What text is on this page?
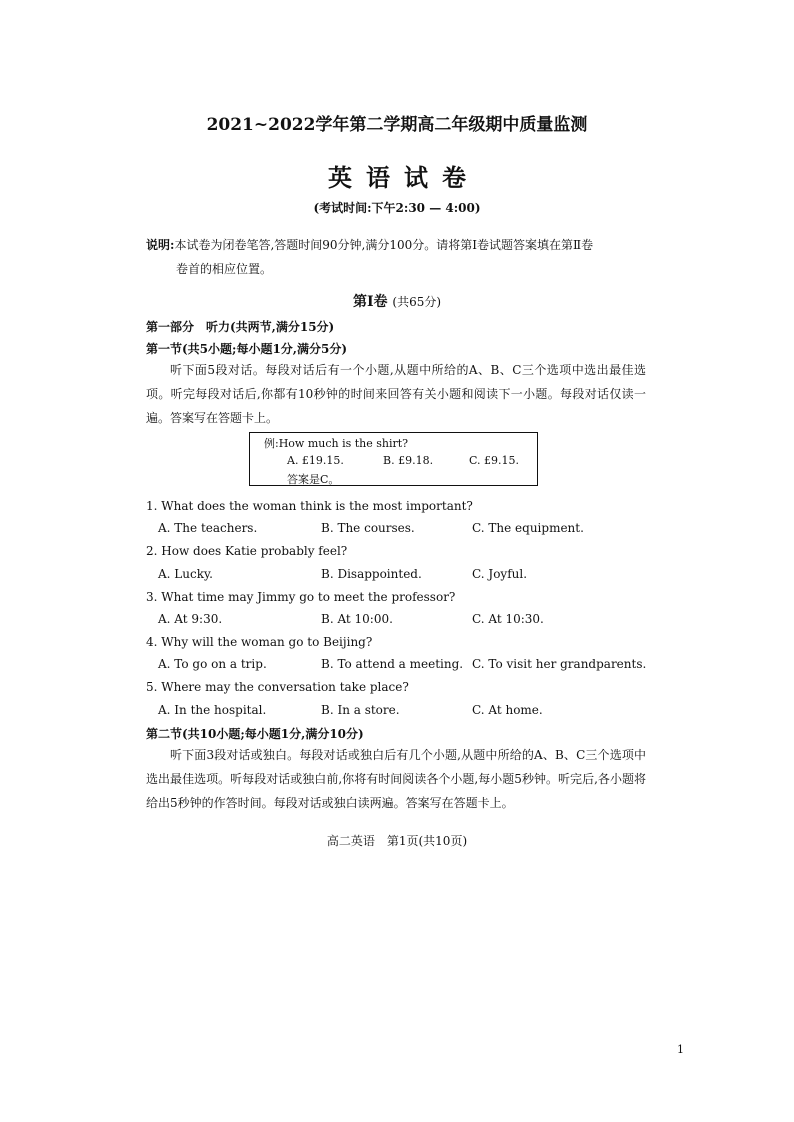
2021~2022学年第二学期高二年级期中质量监测
英语试卷
(考试时间:下午2:30 — 4:00)
说明:本试卷为闭卷笔答,答题时间90分钟,满分100分。请将第Ⅰ卷试题答案填在第Ⅱ卷
卷首的相应位置。
第Ⅰ卷 (共65分)
第一部分　听力(共两节,满分15分)
第一节(共5小题;每小题1分,满分5分)
听下面5段对话。每段对话后有一个小题,从题中所给的A、B、C三个选项中选出最佳选项。听完每段对话后,你都有10秒钟的时间来回答有关小题和阅读下一小题。每段对话仅读一遍。答案写在答题卡上。
例:How much is the shirt?
A. £19.15.	B. £9.18.	C. £9.15.
答案是C。
1. What does the woman think is the most important?
A. The teachers.	B. The courses.	C. The equipment.
2. How does Katie probably feel?
A. Lucky.	B. Disappointed.	C. Joyful.
3. What time may Jimmy go to meet the professor?
A. At 9:30.	B. At 10:00.	C. At 10:30.
4. Why will the woman go to Beijing?
A. To go on a trip.	B. To attend a meeting. C. To visit her grandparents.
5. Where may the conversation take place?
A. In the hospital.	B. In a store.	C. At home.
第二节(共10小题;每小题1分,满分10分)
听下面3段对话或独白。每段对话或独白后有几个小题,从题中所给的A、B、C三个选项中选出最佳选项。听每段对话或独白前,你将有时间阅读各个小题,每小题5秒钟。听完后,各小题将给出5秒钟的作答时间。每段对话或独白读两遍。答案写在答题卡上。
高二英语　第1页(共10页)
1
